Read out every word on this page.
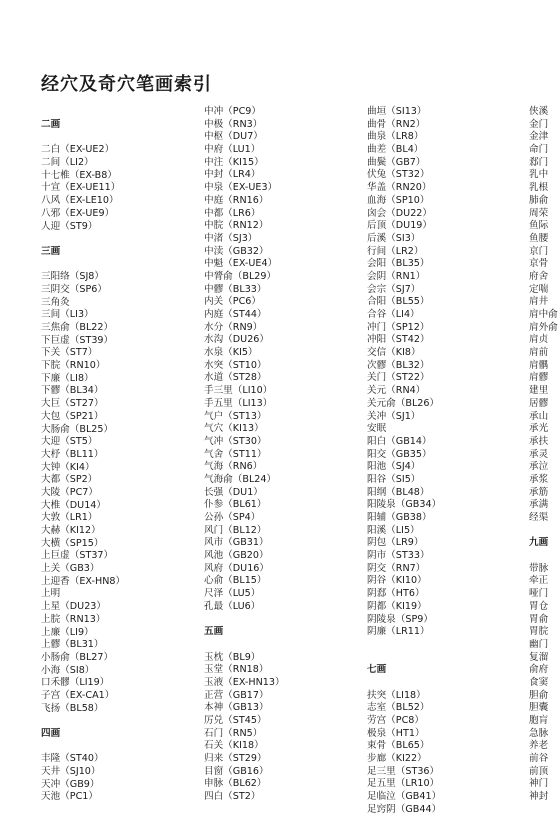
经穴及奇穴笔画索引
二画
二白（EX-UE2）
二间（LI2）
十七椎（EX-B8）
十宣（EX-UE11）
八风（EX-LE10）
八邪（EX-UE9）
人迎（ST9）
三画
三阳络（SJ8）
三阴交（SP6）
三角灸
三间（LI3）
三焦俞（BL22）
下巨虚（ST39）
下关（ST7）
下脘（RN10）
下廉（LI8）
下髎（BL34）
大巨（ST27）
大包（SP21）
大肠俞（BL25）
大迎（ST5）
大杼（BL11）
大钟（KI4）
大都（SP2）
大陵（PC7）
大椎（DU14）
大敦（LR1）
大赫（KI12）
大横（SP15）
上巨虚（ST37）
上关（GB3）
上迎香（EX-HN8）
上明
上星（DU23）
上脘（RN13）
上廉（LI9）
上髎（BL31）
小肠俞（BL27）
小海（SI8）
口禾髎（LI19）
子宫（EX-CA1）
飞扬（BL58）
四画
丰隆（ST40）
天井（SJ10）
天冲（GB9）
天池（PC1）
中冲（PC9）
中极（RN3）
中枢（DU7）
中府（LU1）
中注（KI15）
中封（LR4）
中泉（EX-UE3）
中庭（RN16）
中都（LR6）
中脘（RN12）
中渚（SJ3）
中渎（GB32）
中魁（EX-UE4）
中膂俞（BL29）
中髎（BL33）
内关（PC6）
内庭（ST44）
水分（RN9）
水沟（DU26）
水泉（KI5）
水突（ST10）
水道（ST28）
手三里（LI10）
手五里（LI13）
气户（ST13）
气穴（KI13）
气冲（ST30）
气舍（ST11）
气海（RN6）
气海俞（BL24）
长强（DU1）
仆参（BL61）
公孙（SP4）
风门（BL12）
风市（GB31）
风池（GB20）
风府（DU16）
心俞（BL15）
尺泽（LU5）
孔最（LU6）
五画
玉枕（BL9）
玉堂（RN18）
玉液（EX-HN13）
正营（GB17）
本神（GB13）
厉兑（ST45）
石门（RN5）
石关（KI18）
归来（ST29）
目窗（GB16）
申脉（BL62）
四白（ST2）
曲垣（SI13）
曲骨（RN2）
曲泉（LR8）
曲差（BL4）
曲鬓（GB7）
伏兔（ST32）
华盖（RN20）
血海（SP10）
囟会（DU22）
后顶（DU19）
后溪（SI3）
行间（LR2）
会阳（BL35）
会阴（RN1）
会宗（SJ7）
合阳（BL55）
合谷（LI4）
冲门（SP12）
冲阳（ST42）
交信（KI8）
次髎（BL32）
关门（ST22）
关元（RN4）
关元俞（BL26）
关冲（SJ1）
安眠
阳白（GB14）
阳交（GB35）
阳池（SJ4）
阳谷（SI5）
阳纲（BL48）
阳陵泉（GB34）
阳辅（GB38）
阳溪（LI5）
阴包（LR9）
阴市（ST33）
阴交（RN7）
阴谷（KI10）
阴郄（HT6）
阴都（KI19）
阴陵泉（SP9）
阴廉（LR11）
七画
扶突（LI18）
志室（BL52）
劳宫（PC8）
极泉（HT1）
束骨（BL65）
步廊（KI22）
足三里（ST36）
足五里（LR10）
足临泣（GB41）
足窍阴（GB44）
侠溪
金门
金津
命门
郄门
乳中
乳根
肺俞
周荣
鱼际
鱼腰
京门
京骨
府舍
定喘
肩井
肩中俞
肩外俞
肩贞
肩前
肩髃
肩髎
建里
居髎
承山
承光
承扶
承灵
承泣
承浆
承筋
承满
经渠
九画
带脉
牵正
哑门
胃仓
胃俞
胃脘
幽门
复溜
俞府
食窦
胆俞
胆囊
胞肓
急脉
养老
前谷
前顶
神门
神封
